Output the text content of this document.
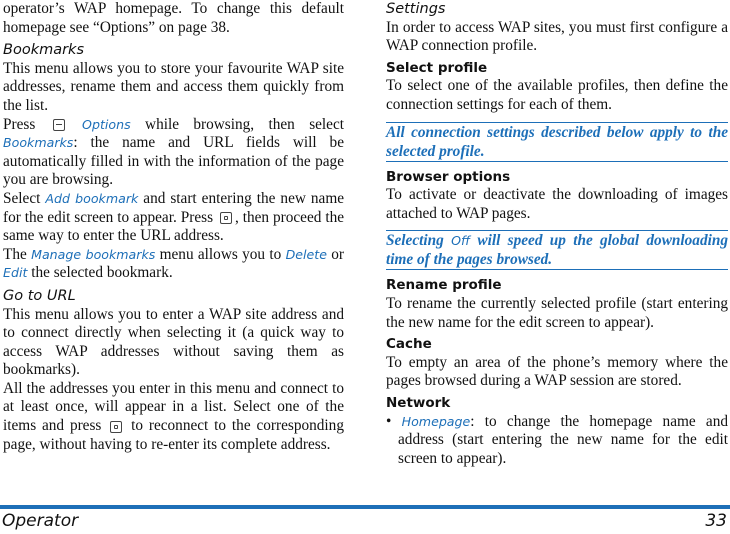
operator’s WAP homepage. To change this default homepage see “Options” on page 38.

Bookmarks

This menu allows you to store your favourite WAP site addresses, rename them and access them quickly from the list.

Press	Options while browsing, then select Bookmarks: the name and URL fields will be automatically filled in with the information of the page you are browsing.

Select Add bookmark and start entering the new name for the edit screen to appear. Press , then proceed the same way to enter the URL address.

The Manage bookmarks menu allows you to Delete or Edit the selected bookmark.

Go to URL

This menu allows you to enter a WAP site address and to connect directly when selecting it (a quick way to access WAP addresses without saving them as bookmarks).

All the addresses you enter in this menu and connect to at least once, will appear in a list. Select one of the items and press to reconnect to the corresponding page, without having to re-enter its complete address.

Settings

In order to access WAP sites, you must first configure a WAP connection profile.

Select profile

To select one of the available profiles, then define the connection settings for each of them.

All connection settings described below apply to the selected profile.

Browser options

To activate or deactivate the downloading of images attached to WAP pages.

Selecting Off will speed up the global downloading time of the pages browsed.

Rename profile

To rename the currently selected profile (start entering the new name for the edit screen to appear).

Cache

To empty an area of the phone’s memory where the pages browsed during a WAP session are stored.

Network

• Homepage: to change the homepage name and address (start entering the new name for the edit screen to appear).

Operator	33
